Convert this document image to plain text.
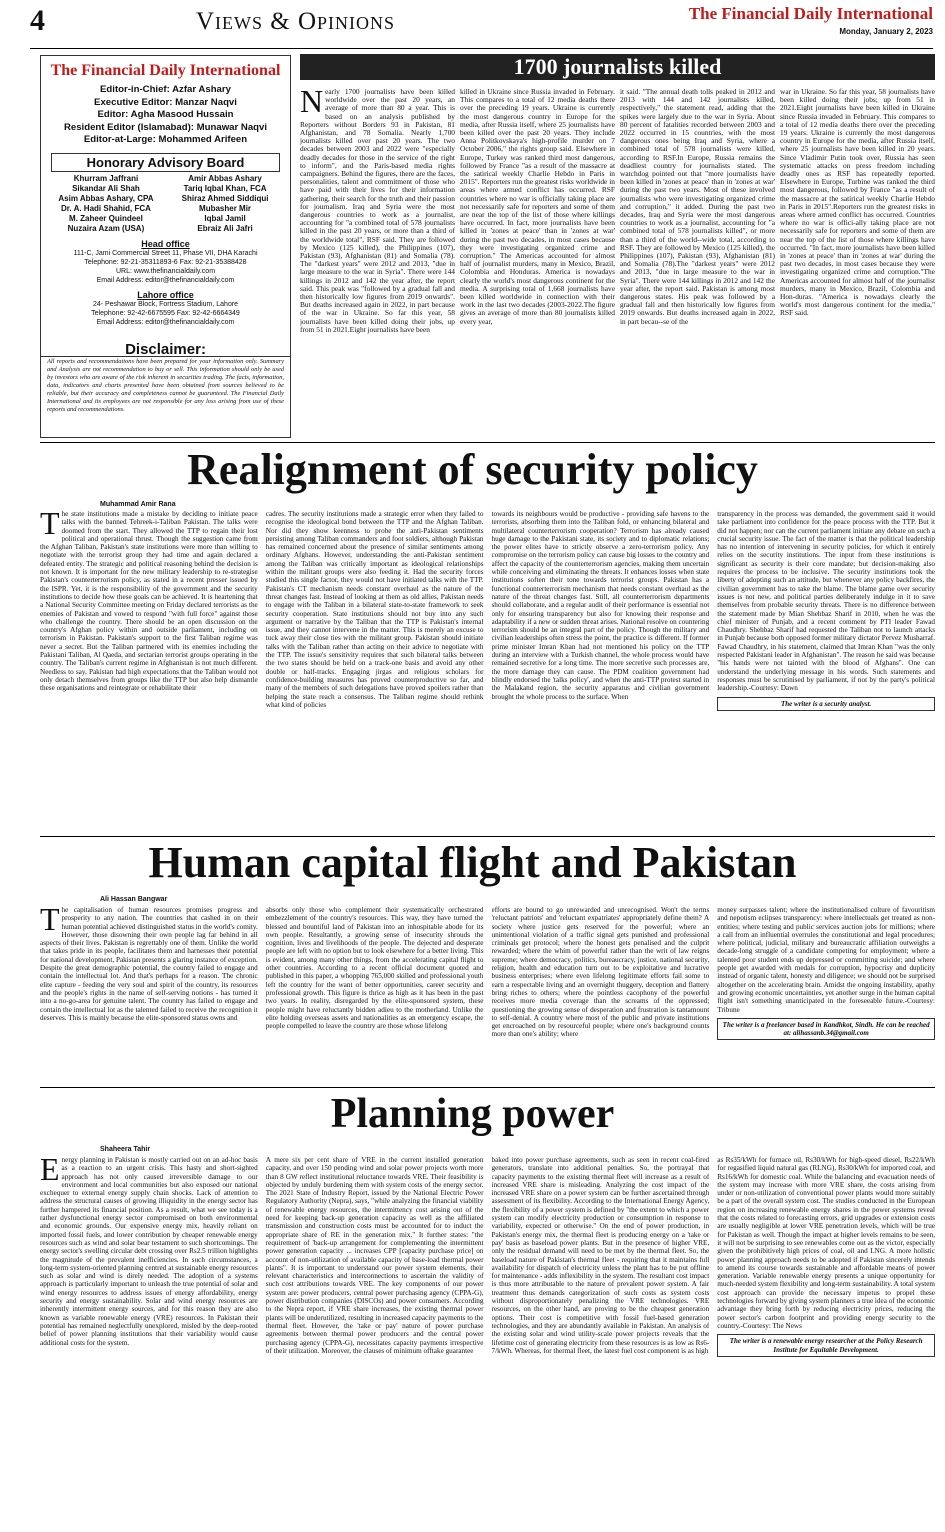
4	Views & Opinions	The Financial Daily International
Monday, January 2, 2023
The Financial Daily International
Editor-in-Chief: Azfar Ashary
Executive Editor: Manzar Naqvi
Editor: Agha Masood Hussain
Resident Editor (Islamabad): Munawar Naqvi
Editor-at-Large: Mohammed Arifeen
Honorary Advisory Board
Khurram Jaffrani
Sikandar Ali Shah
Asim Abbas Ashary, CPA
Dr. A. Hadi Shahid, FCA
M. Zaheer Quindeel
Nuzaira Azam (USA)
Amir Abbas Ashary
Tariq Iqbal Khan, FCA
Shiraz Ahmed Siddiqui
Mubasher Mir
Iqbal Jamil
Ebraiz Ali Jafri
Head office
111-C, Jami Commercial Street 11, Phase VII, DHA Karachi
Telephone: 92-21-35311893-6 Fax: 92-21-35388428
URL: www.thefinancialdaily.com
Email Address: editor@thefinancialdaily.com
Lahore office
24- Peshawar Block, Fortress Stadium, Lahore
Telephone: 92-42-6675595 Fax: 92-42-6664349
Email Address: editor@thefinancialdaily.com
Disclaimer:
All reports and recommendations have been prepared for your information only. Summary and Analysis are not recommendation to buy or sell. This information should only be used by investors who are aware of the risk inherent in securities trading. The facts, information, data, indicators and charts presented have been obtained from sources believed to be reliable, but their accuracy and completeness cannot be guaranteed. The Financial Daily International and its employees are not responsible for any loss arising from use of these reports and recommendations.
1700 journalists killed
Nearly 1700 journalists have been killed worldwide over the past 20 years, an average of more than 80 a year. This is based on an analysis published by Reporters without Borders 93 in Pakistan, 81 Afghanistan, and 78 Somalia. Nearly 1,700 journalists killed over past 20 years. The two decades between 2003 and 2022 were "especially deadly decades for those in the service of the right to inform", and the Paris-based media rights campaigners. Behind the figures, there are the faces, personalities, talent and commitment of those who have paid with their lives for their information gathering, their search for the truth and their passion for journalism. Iraq and Syria were the most dangerous countries to work as a journalist, accounting for "a combined total of 578 journalists killed in the past 20 years, or more than a third of the worldwide total", RSF said. They are followed by Mexico (125 killed), the Philippines (107), Pakistan (93), Afghanistan (81) and Somalia (78). The "darkest years" were 2012 and 2013, "due in large measure to the war in Syria". There were 144 killings in 2012 and 142 the year after, the report said. This peak was "followed by a gradual fall and then historically low figures from 2019 onwards". But deaths increased again in 2022, in part because of the war in Ukraine. So far this year, 58 journalists have been killed doing their jobs, up from 51 in 2021.Eight journalists have been
killed in Ukraine since Russia invaded in February. This compares to a total of 12 media deaths there over the preceding 19 years. Ukraine is currently the most dangerous country in Europe for the media, after Russia itself, where 25 journalists have been killed over the past 20 years. They include Anna Politkovskaya's high-profile murder on 7 October 2006," the rights group said. Elsewhere in Europe, Turkey was ranked third most dangerous, followed by France "as a result of the massacre at the satirical weekly Charlie Hebdo in Paris in 2015". Reporters run the greatest risks worldwide in areas where armed conflict has occurred. RSF countries where no war is officially taking place are not necessarily safe for reporters and some of them are near the top of the list of those where killings have occurred. In fact, more journalists have been killed in 'zones at peace' than in 'zones at war' during the past two decades, in most cases because they were investigating organized crime and corruption." The Americas accounted for almost half of journalist murders, many in Mexico, Brazil, Colombia and Honduras. America is nowadays clearly the world's most dangerous continent for the media. A surprising total of 1,668 journalists have been killed worldwide in connection with their work in the last two decades (2003-2022.The figure gives an average of more than 80 journalists killed every year,
it said. "The annual death tolls peaked in 2012 and 2013 with 144 and 142 journalists killed, respectively," the statement read, adding that the spikes were largely due to the war in Syria. About 80 percent of fatalities recorded between 2003 and 2022 occurred in 15 countries, with the most dangerous ones being Iraq and Syria, where a combined total of 578 journalists were killed, according to RSF.In Europe, Russia remains the deadliest country for journalists stated. The watchdog pointed out that "more journalists have been killed in 'zones at peace' than in 'zones at war' during the past two years. Most of these involved journalists who were investigating organized crime and corruption," it added. During the past two decades, Iraq and Syria were the most dangerous countries to work as a journalist, accounting for "a combined total of 578 journalists killed", or more than a third of the world--wide total, according to RSF. They are followed by Mexico (125 killed), the Philippines (107), Pakistan (93), Afghanistan (81) and Somalia (78).The "darkest years" were 2012 and 2013, "due in large measure to the war in Syria". There were 144 killings in 2012 and 142 the year after, the report said. Pakistan is among most dangerous states. His peak was followed by a gradual fall and then historically low figures from 2019 onwards. But deaths increased again in 2022, in part becau--se of the
war in Ukraine. So far this year, 58 journalists have been killed doing their jobs; up from 51 in 2021.Eight journalists have been killed in Ukraine since Russia invaded in February. This compares to a total of 12 media deaths there over the preceding 19 years. Ukraine is currently the most dangerous country in Europe for the media, after Russia itself, where 25 journalists have been killed in 20 years. Since Vladimir Putin took over, Russia has seen systematic attacks on press freedom including deadly ones as RSF has repeatedly reported. Elsewhere in Europe, Turbine was ranked the third most dangerous, followed by France "as a result of the massacre at the satirical weekly Charlie Hebdo in Paris in 2015".Reporters run the greatest risks in areas where armed conflict has occurred. Countries where no war is offici-ally taking place are not necessarily safe for reporters and some of them are near the top of the list of those where killings have occurred. "In fact, more journalists have been killed in 'zones at peace' than in 'zones at war' during the past two decades, in most cases because they were investigating organized crime and corruption."The Americas accounted for almost half of the journalist murders, many in Mexico, Brazil, Colombia and Hon-duras. "America is nowadays clearly the world's most dangerous continent for the media," RSF said.
Realignment of security policy
Muhammad Amir Rana
The state institutions made a mistake by deciding to initiate peace talks with the banned Tehreek-i-Taliban Pakistan. The talks were doomed from the start. They allowed the TTP to regain their lost political and operational thrust. Though the suggestion came from the Afghan Taliban, Pakistan's state institutions were more than willing to negotiate with the terrorist group they had time and again declared a defeated entity. The strategic and political reasoning behind the decision is not known. It is important for the new military leadership to re-strategise Pakistan's counterterrorism policy, as stated in a recent presser issued by the ISPR. Yet, it is the responsibility of the government and the security institutions to decide how these goals can be achieved. It is heartening that a National Security Committee meeting on Friday declared terrorists as the enemies of Pakistan and vowed to respond "with full force" against those who challenge the country. There should be an open discussion on the country's Afghan policy within and outside parliament, including on terrorism in Pakistan. Pakistan's support to the first Taliban regime was never a secret. But the Taliban partnered with its enemies including the Pakistani Taliban, Al Qaeda, and sectarian terrorist groups operating in the country. The Taliban's current regime in Afghanistan is not much different. Needless to say, Pakistan had high expectations that the Taliban would not only detach themselves from groups like the TTP but also help dismantle these organisations and reintegrate or rehabilitate their
cadres. The security institutions made a strategic error when they failed to recognise the ideological bond between the TTP and the Afghan Taliban. Nor did they show keenness to probe the anti-Pakistan sentiments persisting among Taliban commanders and foot soldiers, although Pakistan has remained concerned about the presence of similar sentiments among ordinary Afghans. However, understanding the anti-Pakistan sentiment among the Taliban was critically important as ideological relationships within the militant groups were also feeding it. Had the security forces studied this single factor, they would not have initiated talks with the TTP. Pakistan's CT mechanism needs constant overhaul as the nature of the threat changes fast. Instead of looking at them as old allies, Pakistan needs to engage with the Taliban in a bilateral state-to-state framework to seek security cooperation. State institutions should not buy into any such argument or narrative by the Taliban that the TTP is Pakistan's internal issue, and they cannot intervene in the matter. This is merely an excuse to tuck away their close ties with the militant group. Pakistan should initiate talks with the Taliban rather than acting on their advice to negotiate with the TTP. The issue's sensitivity requires that such bilateral talks between the two states should be held on a track-one basis and avoid any other double or half-tracks. Engaging jirgas and religious scholars for confidence-building measures has proved counterproductive so far, and many of the members of such delegations have proved spoilers rather than helping the state reach a consensus. The Taliban regime should rethink what kind of policies
towards its neighbours would be productive - providing safe havens to the terrorists, absorbing them into the Taliban fold, or enhancing bilateral and multilateral counterterrorism cooperation? Terrorism has already caused huge damage to the Pakistani state, its society and to diplomatic relations; the power elites have to strictly observe a zero-terrorism policy. Any compromise on the terrorism policy can cause big losses to the country and affect the capacity of the counterterrorism agencies, making them uncertain while conceiving and eliminating the threats. It enhances losses when state institutions soften their tone towards terrorist groups. Pakistan has a functional counterterrorism mechanism that needs constant overhaul as the nature of the threat changes fast. Still, all counterterrorism departments should collaborate, and a regular audit of their performance is essential not only for ensuring transparency but also for knowing their response and adaptability if a new or sudden threat arises. National resolve on countering terrorism should be an integral part of the policy. Though the military and civilian leaderships often stress the point, the practice is different. If former prime minister Imran Khan had not mentioned his policy on the TTP during an interview with a Turkish channel, the whole process would have remained secretive for a long time. The more secretive such processes are, the more damage they can cause. The PDM coalition government had blindly endorsed the 'talks policy', and when the anti-TTP protest started in the Malakand region, the security apparatus and civilian government brought the whole process to the surface. When
transparency in the process was demanded, the government said it would take parliament into confidence for the peace process with the TTP. But it did not happen; nor can the current parliament initiate any debate on such a crucial security issue. The fact of the matter is that the political leadership has no intention of intervening in security policies, for which it entirely relies on the security institutions. The input from these institutions is significant as security is their core mandate; but decision-making also requires the process to be inclusive. The security institutions took the liberty of adopting such an attitude, but whenever any policy backfires, the civilian government has to take the blame. The blame game over security issues is not new, and political parties deliberately indulge in it to save themselves from probable security threats. There is no difference between the statement made by Mian Shehbaz Sharif in 2010, when he was the chief minister of Punjab, and a recent comment by PTI leader Fawad Chaudhry. Shehbaz Sharif had requested the Taliban not to launch attacks in Punjab because both opposed former military dictator Pervez Musharraf. Fawad Chaudhry, in his statement, claimed that Imran Khan "was the only respected Pakistani leader in Afghanistan". The reason he said was because "his hands were not tainted with the blood of Afghans". One can understand the underlying message in his words. Such statements and responses must be scrutinised by parliament, if not by the party's political leadership.-Courtesy: Dawn
The writer is a security analyst.
Human capital flight and Pakistan
Ali Hassan Bangwar
The capitalisation of human resources promises progress and prosperity to any nation. The countries that cashed in on their human potential achieved distinguished status in the world's comity. However, those disowning their own people lag far behind in all aspects of their lives. Pakistan is regrettably one of them. Unlike the world that takes pride in its people, facilitates them and harnesses their potential for national development, Pakistan presents a glaring instance of exception. Despite the great demographic potential, the country failed to engage and contain the intellectual lot. And that's perhaps for a reason. The chronic elite capture - feeding the very soul and spirit of the country, its resources and the people's rights in the name of self-serving notions - has turned it into a no-go-area for genuine talent. The country has failed to engage and contain the intellectual lot as the talented failed to receive the recognition it deserves. This is mainly because the elite-sponsored status owns and
absorbs only those who complement their systematically orchestrated embezzlement of the country's resources. This way, they have turned the blessed and bountiful land of Pakistan into an inhospitable abode for its own people. Resultantly, a growing sense of insecurity shrouds the cognition, lives and livelihoods of the people. The dejected and desperate people are left with no option but to look elsewhere for a better living. This is evident, among many other things, from the accelerating capital flight to other countries. According to a recent official document quoted and published in this paper, a whopping 765,000 skilled and professional youth left the country for the want of better opportunities, career security and professional growth. This figure is thrice as high as it has been in the past two years. In reality, disregarded by the elite-sponsored system, these people might have reluctantly bidden adieu to the motherland. Unlike the elite holding overseas assets and nationalities as an emergency escape, the people compelled to leave the country are those whose lifelong
efforts are bound to go unrewarded and unrecognised. Won't the terms 'reluctant patriots' and 'reluctant expatriates' appropriately define them? A society where justice gets reserved for the powerful; where an unintentional violation of a traffic signal gets punished and professional criminals get protocol; where the honest gets penalised and the culprit rewarded; where the whim of powerful rather than the writ of law reigns supreme; where democracy, politics, bureaucracy, justice, national security, religion, health and education turn out to be exploitative and lucrative business enterprises; where even lifelong legitimate efforts fail some to earn a respectable living and an overnight thuggery, deception and flattery bring riches to others; where the pointless cacophony of the powerful receives more media coverage than the screams of the oppressed; questioning the growing sense of desperation and frustration is tantamount to self-denial. A country where most of the public and private institutions get encroached on by resourceful people; where one's background counts more than one's ability; where
money surpasses talent; where the institutionalised culture of favouritism and nepotism eclipses transparency: where intellectuals get treated as non-entities; where testing and public services auction jobs for millions; where a call from an influential overrules the constitutional and legal procedures; where political, judicial, military and bureaucratic affiliation outweighs a decade-long struggle of a candidate competing for employment; where a talented poor student ends up depressed or committing suicide; and where people get awarded with medals for corruption, hypocrisy and duplicity instead of organic talent, honesty and diligence; we should not be surprised altogether on the accelerating brain. Amidst the ongoing instability, apathy and growing economic uncertainties, yet another surge in the human capital flight isn't something unanticipated in the foreseeable future.-Courtesy: Tribune
The writer is a freelancer based in Kandhkot, Sindh. He can be reached at: alihassanb.34@gmail.com
Planning power
Shaheera Tahir
Energy planning in Pakistan is mostly carried out on an ad-hoc basis as a reaction to an urgent crisis. This hasty and short-sighted approach has not only caused irreversible damage to our environment and local communities but also exposed our national exchequer to external energy supply chain shocks. Lack of attention to address the structural causes of growing illiquidity in the energy sector has further hampered its financial position. As a result, what we see today is a rather dysfunctional energy sector compromised on both environmental and economic grounds. Our expensive energy mix, heavily reliant on imported fossil fuels, and lower contribution by cheaper renewable energy resources such as wind and solar bear testament to such shortcomings. The energy sector's swelling circular debt crossing over Rs2.5 trillion highlights the magnitude of the prevalent inefficiencies. In such circumstances, a long-term system-oriented planning centred at sustainable energy resources such as solar and wind is direly needed. The adoption of a systems approach is particularly important to unleash the true potential of solar and wind energy resources to address issues of energy affordability, energy security and energy sustainability. Solar and wind energy resources are inherently intermittent energy sources, and for this reason they are also known as variable renewable energy (VRE) resources. In Pakistan their potential has remained neglectfully unexplored, misled by the deep-rooted belief of power planning institutions that their variability would cause additional costs for the system.
A mere six per cent share of VRE in the current installed generation capacity, and over 150 pending wind and solar power projects worth more than 8 GW reflect institutional reluctance towards VRE. Their feasibility is objected by unduly burdening them with system costs of the energy sector. The 2021 State of Industry Report, issued by the National Electric Power Regulatory Authority (Nepra), says, "while analyzing the financial viability of renewable energy resources, the intermittency cost arising out of the need for keeping back-up generation capacity as well as the affiliated transmission and construction costs must be accounted for to induct the appropriate share of RE in the generation mix." It further states: "the requirement of 'back-up arrangement for complementing the intermittent power generation capacity ... increases CPP [capacity purchase price] on account of non-utilization of available capacity of base-load thermal power plants". It is important to understand our power system elements, their relevant characteristics and interconnections to ascertain the validity of such cost attributions towards VRE. The key components of our power system are: power producers, central power purchasing agency (CPPA-G), power distribution companies (DISCOs) and power consumers. According to the Nepra report, if VRE share increases, the existing thermal power plants will be underutilized, resulting in increased capacity payments to the thermal fleet. However, the 'take or pay' nature of power purchase agreements between thermal power producers and the central power purchasing agency (CPPA-G), necessitates capacity payments irrespective of their utilization. Moreover, the clauses of minimum offtake guarantee
baked into power purchase agreements, such as seen in recent coal-fired generators, translate into additional penalties. So, the portrayal that capacity payments to the existing thermal fleet will increase as a result of increased VRE share is misleading. Analyzing the cost impact of the increased VRE share on a power system can be further ascertained through assessment of its flexibility. According to the International Energy Agency, the flexibility of a power system is defined by "the extent to which a power system can modify electricity production or consumption in response to variability, expected or otherwise." On the end of power production, in Pakistan's energy mix, the thermal fleet is producing energy on a 'take or pay' basis as baseload power plants. But in the presence of higher VRE, only the residual demand will need to be met by the thermal fleet. So, the baseload nature of Pakistan's thermal fleet - requiring that it maintains full availability for dispatch of electricity unless the plant has to be put offline for maintenance - adds inflexibility in the system. The resultant cost impact is thus more attributable to the nature of prevalent power system. A fair treatment thus demands categorization of such costs as system costs without disproportionately penalizing the VRE technologies. VRE resources, on the other hand, are proving to be the cheapest generation options. Their cost is competitive with fossil fuel-based generation technologies, and they are abundantly available in Pakistan. An analysis of the existing solar and wind utility-scale power projects reveals that the lifetime cost of generating electricity from these resources is as low as Rs6-7/kWh. Whereas, for thermal fleet, the latest fuel cost component is as high
as Rs35/kWh for furnace oil, Rs30/kWh for high-speed diesel, Rs22/kWh for regasified liquid natural gas (RLNG), Rs30/kWh for imported coal, and Rs16/kWh for domestic coal. While the balancing and evacuation needs of the system may increase with more VRE share, the costs arising from under or non-utilization of conventional power plants would more suitably be a part of the overall system cost. The studies conducted in the European region on increasing renewable energy shares in the power systems reveal that the costs related to forecasting errors, grid upgrades or extension costs are usually negligible at lower VRE penetration levels, which will be true for Pakistan as well. Though the impact at higher levels remains to be seen, it will not be surprising to see renewables come out as the victor, especially given the prohibitively high prices of coal, oil and LNG. A more holistic power planning approach needs to be adopted if Pakistan sincerely intends to amend its course towards sustainable and affordable means of power generation. Variable renewable energy presents a unique opportunity for much-needed system flexibility and long-term sustainability. A total system cost approach can provide the necessary impetus to propel these technologies forward by giving system planners a true idea of the economic advantage they bring forth by reducing electricity prices, reducing the power sector's carbon footprint and providing energy security to the country.-Courtesy: The News
The writer is a renewable energy researcher at the Policy Research Institute for Equitable Development.
